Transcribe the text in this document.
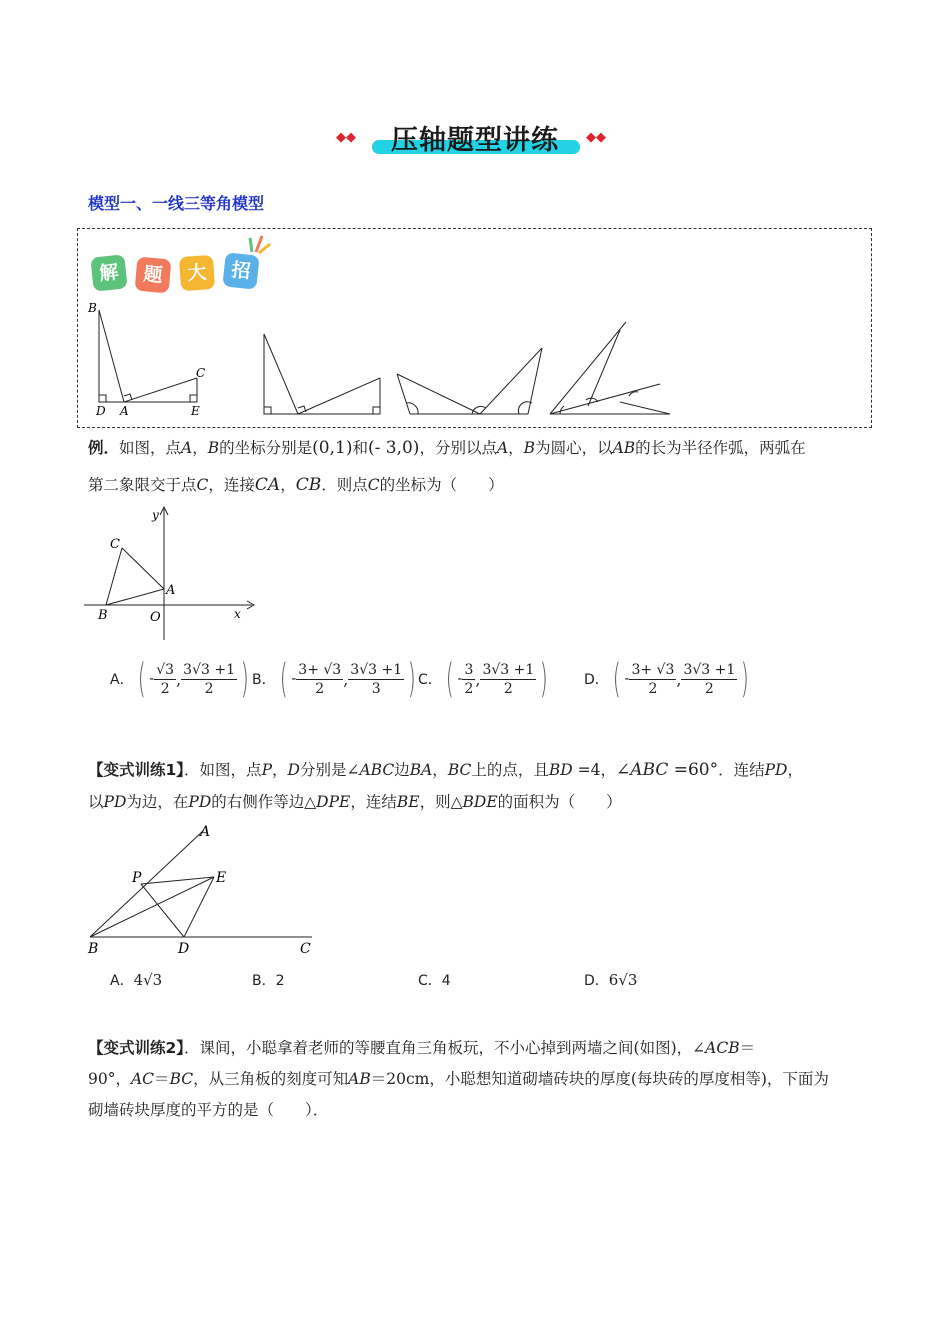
◆◆	压轴题型讲练	◆◆
模型一、一线三等角模型
解	题	大	招
B
D A	E
C
例．如图，点A，B的坐标分别是(0,1)和(- 3,0)，分别以点A，B为圆心，以AB的长为半径作弧，两弧在
第二象限交于点C，连接CA，CB．则点C的坐标为（　　）
y
x
C
A
B	O
A． ( - $\frac{√3}{2}$ , $\frac{3√3 +1}{2}$ ) B． ( - $\frac{3+ √3}{2}$ , $\frac{3√3 +1}{3}$ ) C． ( - $\frac{3}{2}$ , $\frac{3√3 +1}{2}$ )	D． ( - $\frac{3+ √3}{2}$ , $\frac{3√3 +1}{2}$ )
【变式训练1】．如图，点P，D分别是∠ABC边BA，BC上的点，且BD =4，∠ABC =60°．连结PD，
以PD为边，在PD的右侧作等边△DPE，连结BE，则△BDE的面积为（　　）
A
P	E
B	D	C
A．4√3	B．2	C．4	D．6√3
【变式训练2】．课间，小聪拿着老师的等腰直角三角板玩，不小心掉到两墙之间(如图)，∠ACB＝
90°，AC＝BC，从三角板的刻度可知AB＝20cm，小聪想知道砌墙砖块的厚度(每块砖的厚度相等)，下面为
砌墙砖块厚度的平方的是（　　）．
